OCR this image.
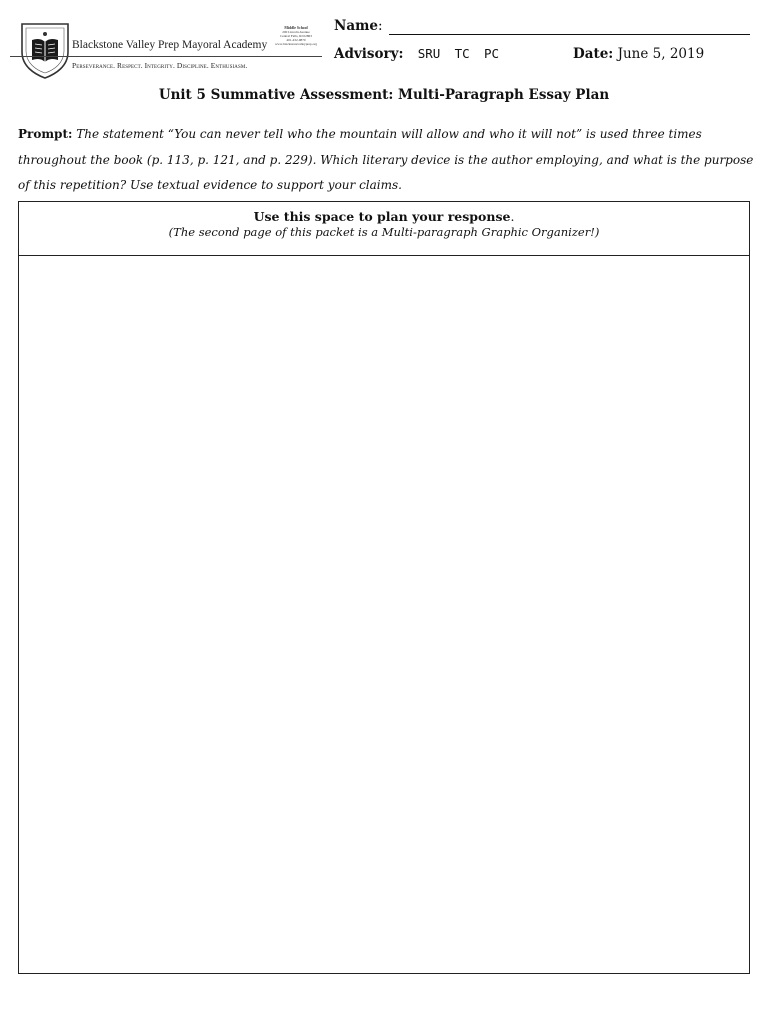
Blackstone Valley Prep Mayoral Academy
Middle School
200 Lincoln Avenue
Central Falls, RI 02863
401-432-9870
www.blackstonevalleyprep.org
Perseverance. Respect. Integrity. Discipline. Enthusiasm.
Name:
Advisory: SRU TC PC	Date: June 5, 2019
Unit 5 Summative Assessment: Multi-Paragraph Essay Plan
Prompt: The statement “You can never tell who the mountain will allow and who it will not” is used three times throughout the book (p. 113, p. 121, and p. 229). Which literary device is the author employing, and what is the purpose of this repetition? Use textual evidence to support your claims.
Use this space to plan your response.
(The second page of this packet is a Multi-paragraph Graphic Organizer!)
